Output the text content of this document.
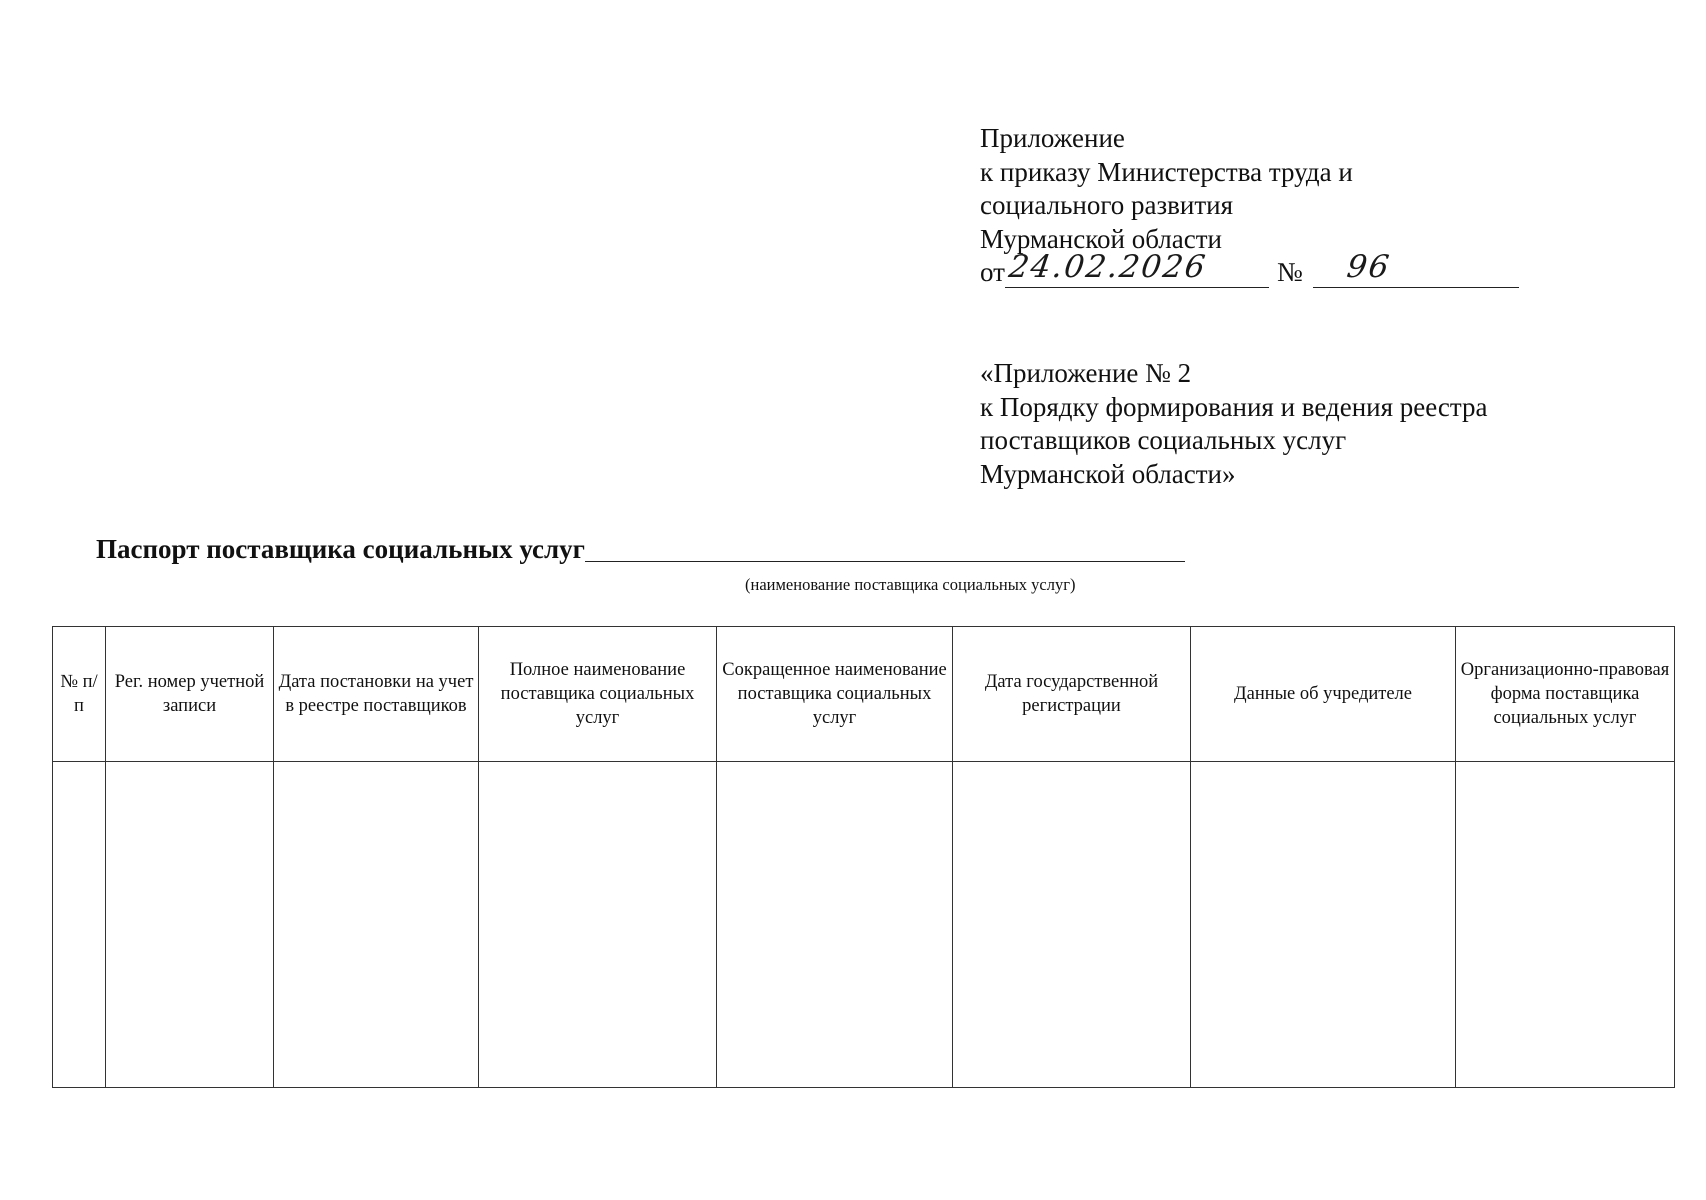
Приложение
к приказу Министерства труда и
социального развития
Мурманской области
от 24.02.2026	№ 96
«Приложение № 2
к Порядку формирования и ведения реестра
поставщиков социальных услуг
Мурманской области»
Паспорт поставщика социальных услуг
(наименование поставщика социальных услуг)
№ п/п	Рег. номер учетной записи	Дата постановки на учет в реестре поставщиков	Полное наименование поставщика социальных услуг	Сокращенное наименование поставщика социальных услуг	Дата государственной регистрации	Данные об учредителе	Организационно-правовая форма поставщика социальных услуг
